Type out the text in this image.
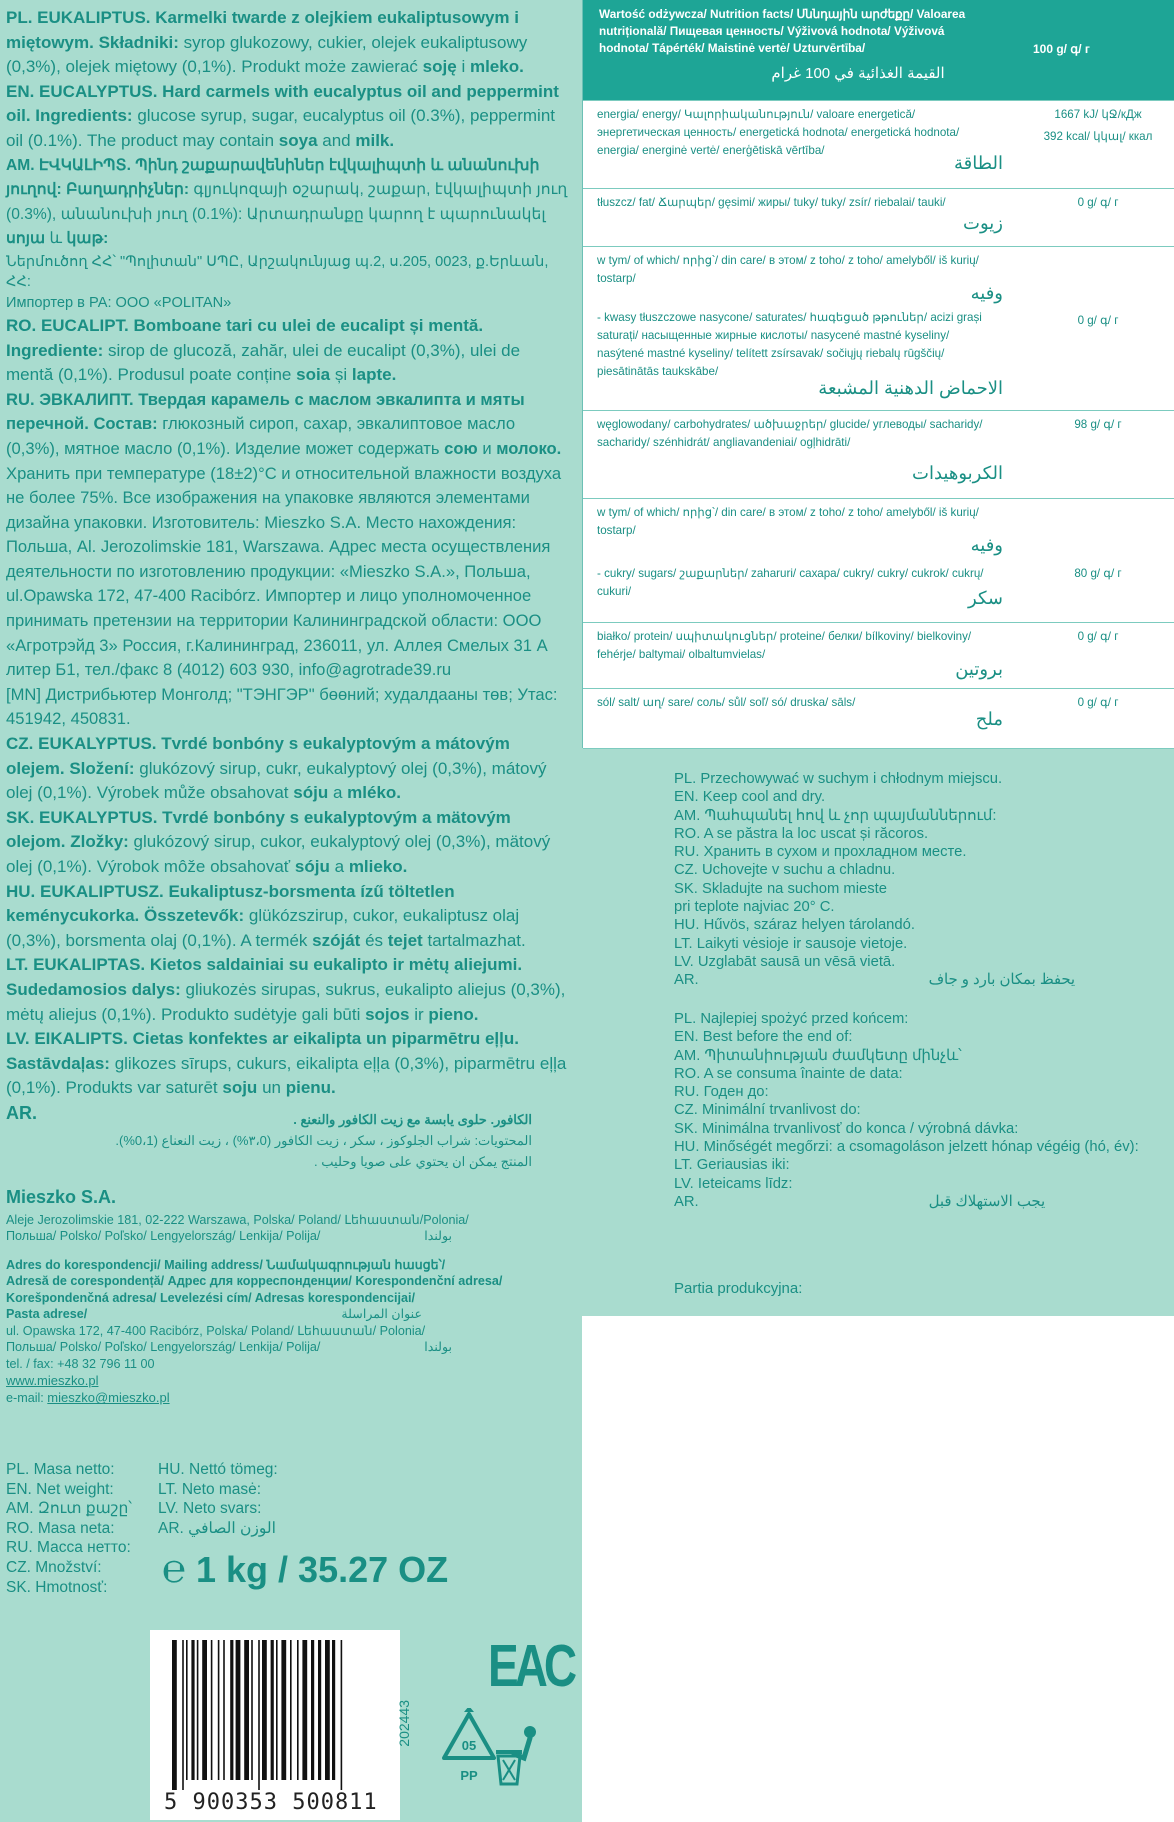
PL. EUKALIPTUS. Karmelki twarde z olejkiem eukaliptusowym i miętowym. Składniki: syrop glukozowy, cukier, olejek eukaliptusowy (0,3%), olejek miętowy (0,1%). Produkt może zawierać soję i mleko.

EN. EUCALYPTUS. Hard carmels with eucalyptus oil and peppermint oil. Ingredients: glucose syrup, sugar, eucalyptus oil (0.3%), peppermint oil (0.1%). The product may contain soya and milk.

AM. ԷՎԿԱԼԻՊՏ. Պինդ շաքարավենիներ էվկալիպտի և անանուխի յուղով: Բաղադրիչներ: գլյուկոզայի օշարակ, շաքար, էվկալիպտի յուղ (0.3%), անանուխի յուղ (0.1%): Արտադրանքը կարող է պարունակել սոյա և կաթ:

Ներմուծող ՀՀ՝ "Պոլիտան" ՍՊԸ, Արշակունյաց պ.2, ս.205, 0023, ք.Երևան, ՀՀ:

Импортер в РА: ООО «POLITAN»

RO. EUCALIPT. Bomboane tari cu ulei de eucalipt și mentă. Ingrediente: sirop de glucoză, zahăr, ulei de eucalipt (0,3%), ulei de mentă (0,1%). Produsul poate conține soia și lapte.

RU. ЭВКАЛИПТ. Твердая карамель с маслом эвкалипта и мяты перечной. Состав: глюкозный сироп, сахар, эвкалиптовое масло (0,3%), мятное масло (0,1%). Изделие может содержать сою и молоко. Хранить при температуре (18±2)°С и относительной влажности воздуха не более 75%. Все изображения на упаковке являются элементами дизайна упаковки. Изготовитель: Mieszko S.A. Место нахождения: Польша, Al. Jerozolimskie 181, Warszawa. Адрес места осуществления деятельности по изготовлению продукции: «Mieszko S.A.», Польша, ul.Opawska 172, 47-400 Racibórz. Импортер и лицо уполномоченное принимать претензии на территории Калининградской области: ООО «Агротрэйд 3» Россия, г.Калининград, 236011, ул. Аллея Смелых 31 А литер Б1, тел./факс 8 (4012) 603 930, info@agrotrade39.ru

[MN] Дистрибьютер Монголд; "ТЭНГЭР" бөөний; худалдааны төв; Утас: 451942, 450831.

CZ. EUKALYPTUS. Tvrdé bonbóny s eukalyptovým a mátovým olejem. Složení: glukózový sirup, cukr, eukalyptový olej (0,3%), mátový olej (0,1%). Výrobek může obsahovat sóju a mléko.

SK. EUKALYPTUS. Tvrdé bonbóny s eukalyptovým a mätovým olejom. Zložky: glukózový sirup, cukor, eukalyptový olej (0,3%), mätový olej (0,1%). Výrobok môže obsahovať sóju a mlieko.

HU. EUKALIPTUSZ. Eukaliptusz-borsmenta ízű töltetlen keménycukorka. Összetevők: glükózszirup, cukor, eukaliptusz olaj (0,3%), borsmenta olaj (0,1%). A termék szóját és tejet tartalmazhat.

LT. EUKALIPTAS. Kietos saldainiai su eukalipto ir mėtų aliejumi. Sudedamosios dalys: gliukozės sirupas, sukrus, eukalipto aliejus (0,3%), mėtų aliejus (0,1%). Produkto sudėtyje gali būti sojos ir pieno.

LV. EIKALIPTS. Cietas konfektes ar eikalipta un piparmētru eļļu. Sastāvdaļas: glikozes sīrups, cukurs, eikalipta eļļa (0,3%), piparmētru eļļa (0,1%). Produkts var saturēt soju un pienu.

AR.	الكافور. حلوى يابسة مع زيت الكافور والنعنع .
المحتويات: شراب الجلوكوز ، سكر ، زيت الكافور (٣،0%) ، زيت النعناع (0،1%). المنتج يمكن ان يحتوي على صويا وحليب .
Mieszko S.A.

Aleje Jerozolimskie 181, 02-222 Warszawa, Polska/ Poland/ Լեհաստան/Polonia/
بولندا

Польша/ Polsko/ Poľsko/ Lengyelország/ Lenkija/ Polija/

Adres do korespondencji/ Mailing address/ Նամակագրության հասցե՝/

Adresă de corespondență/ Адрес для корреспонденции/ Korespondenční adresa/

Korešpondenčná adresa/ Levelezési cím/ Adresas korespondencijai/

Pasta adrese/	عنوان المراسلة

ul. Opawska 172, 47-400 Racibórz, Polska/ Poland/ Լեհաստան/ Polonia/
بولندا

Польша/ Polsko/ Poľsko/ Lengyelország/ Lenkija/ Polija/

tel. / fax: +48 32 796 11 00

www.mieszko.pl

e-mail: mieszko@mieszko.pl

PL. Masa netto:
EN. Net weight:
AM. Զուտ քաշը՝
RO. Masa neta:
RU. Масса нетто:
CZ. Množství:
SK. Hmotnosť:
HU. Nettó tömeg:
LT. Neto masė:
LV. Neto svars:
AR. الوزن الصافي
℮ 1 kg / 35.27 OZ
5 900353 500811
202443
EAC
05
PP
Wartość odżywcza/ Nutrition facts/ Սննդային արժեքը/ Valoarea nutrițională/ Пищевая ценность/ Výživová hodnota/ Výživová hodnota/ Tápérték/ Maistinė vertė/ Uzturvērtība/
القيمة الغذائية في 100 غرام
100 g/ գ/ г
energia/ energy/ Կալորիականություն/ valoare energetică/ энергетическая ценность/ energetická hodnota/ energetická hodnota/ energia/ energinė vertė/ enerģētiskā vērtība/
الطاقة
1667 kJ/ կՋ/кДж
392 kcal/ կկալ/ ккал
tłuszcz/ fat/ Ճարպեր/ gęsimi/ жиры/ tuky/ tuky/ zsír/ riebalai/ tauki/
زيوت
0 g/ գ/ г
w tym/ of which/ որից՝/ din care/ в этом/ z toho/ z toho/ amelyből/ iš kurių/ tostarp/
وفيه
- kwasy tłuszczowe nasycone/ saturates/ հագեցած թթուներ/ acizi grași saturați/ насыщенные жирные кислоты/ nasycené mastné kyseliny/ nasýtené mastné kyseliny/ telített zsírsavak/ sočiųjų riebalų rūgščių/ piesātinātās taukskābe/
الاحماض الدهنية المشبعة
0 g/ գ/ г
węglowodany/ carbohydrates/ ածխաջրեր/ glucide/ углеводы/ sacharidy/ sacharidy/ szénhidrát/ angliavandeniai/ ogļhidrāti/
الكربوهيدات
98 g/ գ/ г
w tym/ of which/ որից՝/ din care/ в этом/ z toho/ z toho/ amelyből/ iš kurių/ tostarp/
وفيه
- cukry/ sugars/ շաքարներ/ zaharuri/ сахара/ cukry/ cukry/ cukrok/ cukrų/ cukuri/	سكر
80 g/ գ/ г
białko/ protein/ սպիտակուցներ/ proteine/ белки/ bílkoviny/ bielkoviny/ fehérje/ baltymai/ olbaltumvielas/
بروتين
0 g/ գ/ г
sól/ salt/ աղ/ sare/ соль/ sůl/ soľ/ só/ druska/ sāls/
ملح
0 g/ գ/ г

PL. Przechowywać w suchym i chłodnym miejscu.

EN. Keep cool and dry.

AM. Պահպանել հով և չոր պայմաններում:

RO. A se păstra la loc uscat și răcoros.

RU. Хранить в сухом и прохладном месте.

CZ. Uchovejte v suchu a chladnu.

SK. Skladujte na suchom mieste

pri teplote najviac 20° C.

HU. Hűvös, száraz helyen tárolandó.

LT. Laikyti vėsioje ir sausoje vietoje.

LV. Uzglabāt sausā un vēsā vietā.

AR.	يحفظ بمكان بارد و جاف

PL. Najlepiej spożyć przed końcem:

EN. Best before the end of:

AM. Պիտանիության ժամկետը մինչև՝

RO. A se consuma înainte de data:

RU. Годен до:

CZ. Minimální trvanlivost do:

SK. Minimálna trvanlivosť do konca / výrobná dávka:

HU. Minőségét megőrzi: a csomagoláson jelzett hónap végéig (hó, év):

LT. Geriausias iki:

LV. Ieteicams līdz:

AR.	يجب الاستهلاك قبل

Partia produkcyjna:
